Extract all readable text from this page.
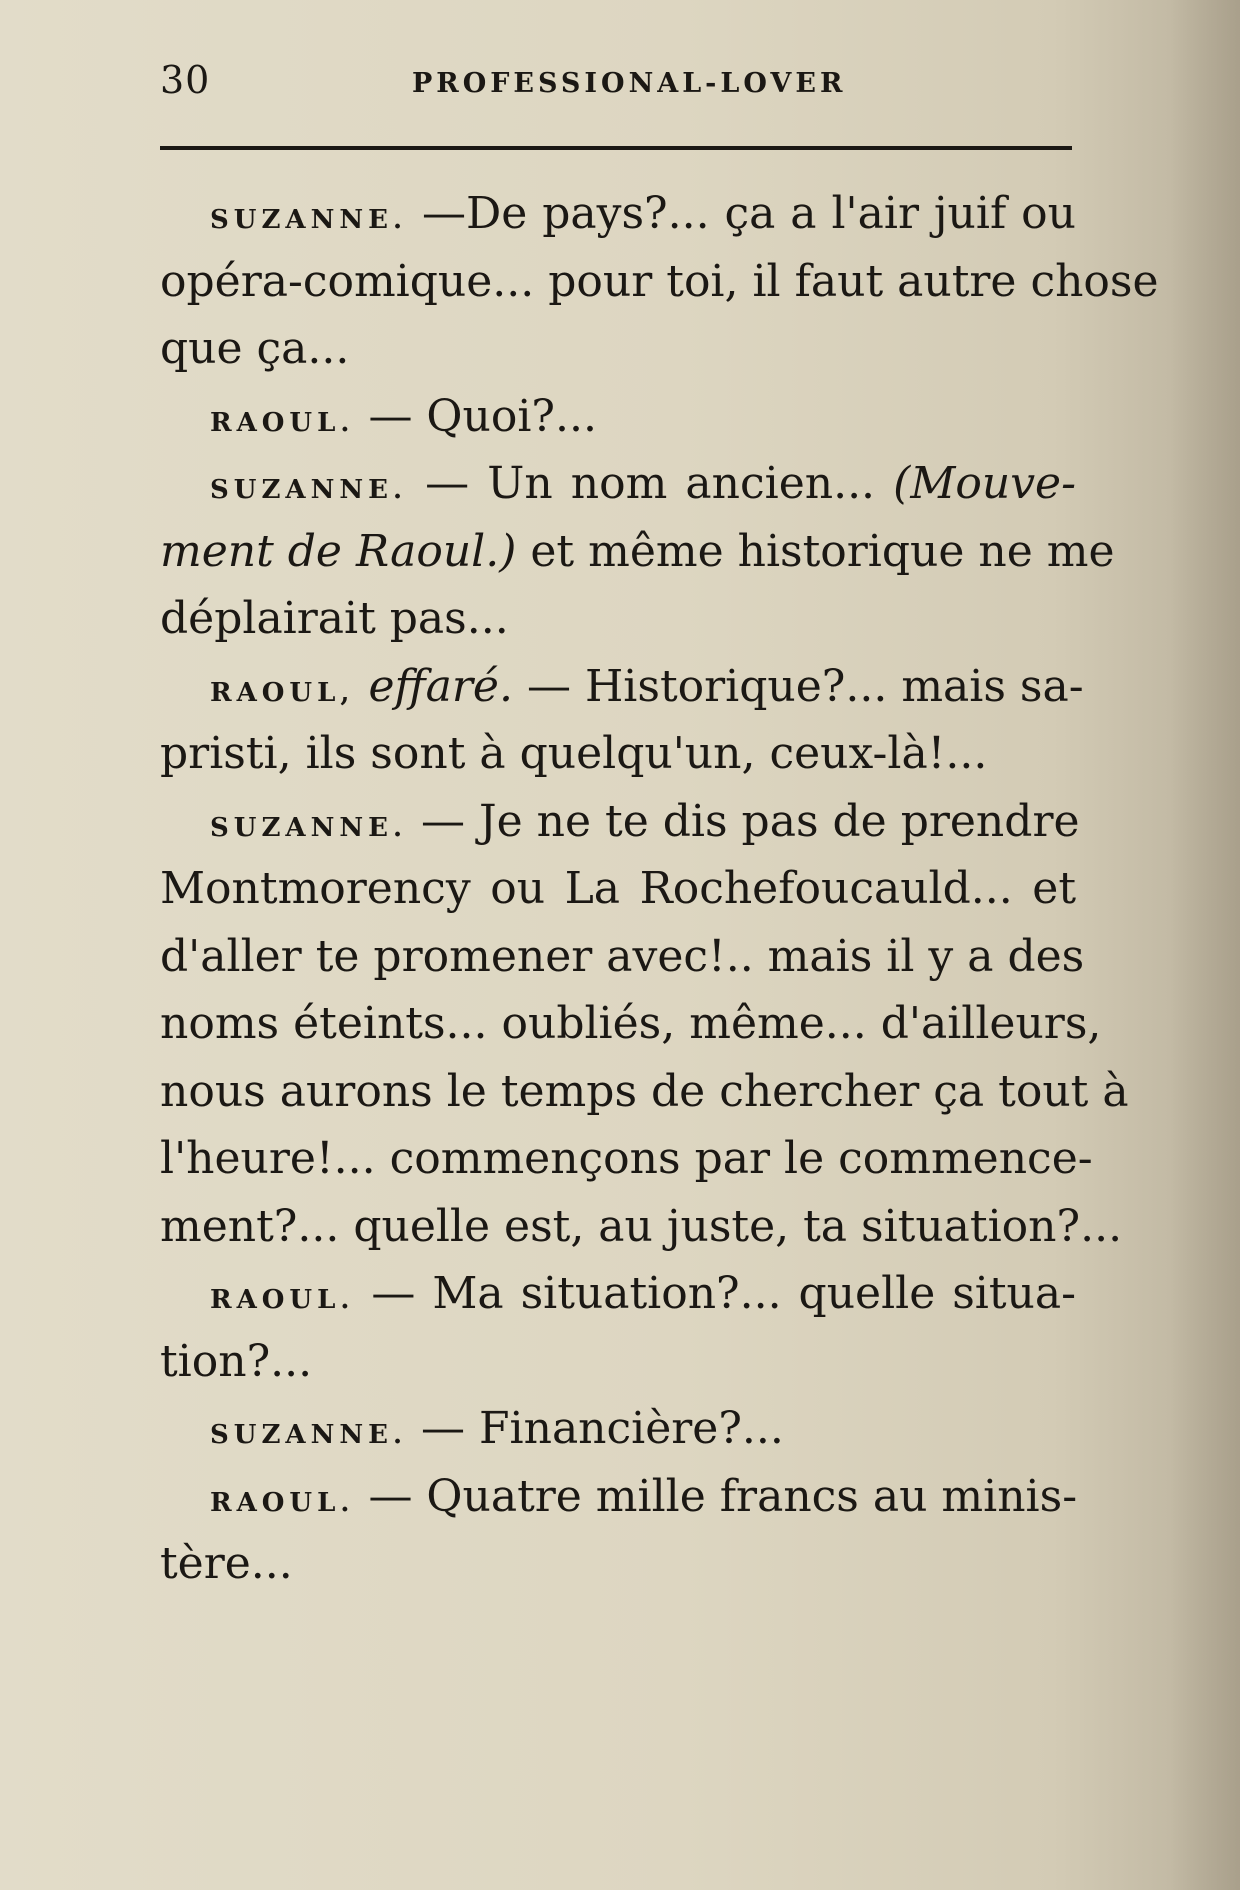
30	PROFESSIONAL-LOVER
SUZANNE. —De pays?... ça a l'air juif ou
opéra-comique... pour toi, il faut autre chose
que ça...
RAOUL. — Quoi?...
SUZANNE. — Un nom ancien... (Mouve-
ment de Raoul.) et même historique ne me
déplairait pas...
RAOUL, effaré. — Historique?... mais sa-
pristi, ils sont à quelqu'un, ceux-là!...
SUZANNE. — Je ne te dis pas de prendre
Montmorency ou La Rochefoucauld... et
d'aller te promener avec!.. mais il y a des
noms éteints... oubliés, même... d'ailleurs,
nous aurons le temps de chercher ça tout à
l'heure!... commençons par le commence-
ment?... quelle est, au juste, ta situation?...
RAOUL. — Ma situation?... quelle situa-
tion?...
SUZANNE. — Financière?...
RAOUL. — Quatre mille francs au minis-
tère...
